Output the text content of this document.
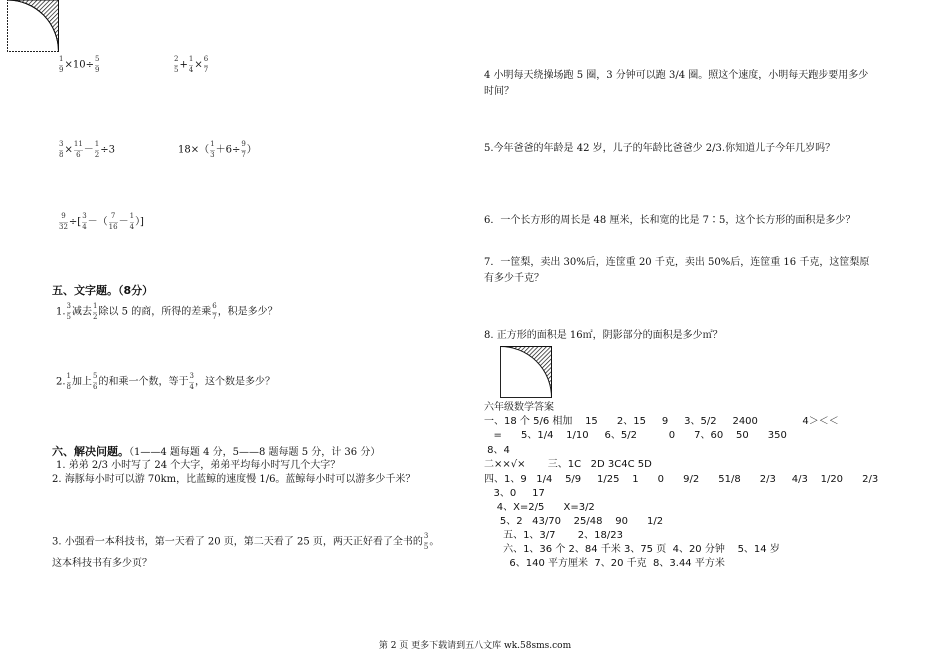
$\frac{1}{9} \times 10\div \frac{5}{9}$	$\frac{2}{5} + \frac{1}{4} \times \frac{6}{7}$
$\frac{3}{8} \times \frac{11}{6} - \frac{1}{2} \div 3$	$18\times( \frac{1}{3} +6\div \frac{9}{7}$ ）
$\frac{9}{32}$ ÷[ $\frac{3}{4}$ －（ $\frac{7}{16} - \frac{1}{4}$ ）]
五、文字题。（8分）
1. $\frac{3}{5}$ 减去 $\frac{1}{2}$ 除以 5 的商，所得的差乘 $\frac{6}{7}$ ，积是多少？
2. $\frac{1}{8}$ 加上 $\frac{5}{6}$ 的和乘一个数，等于 $\frac{3}{4}$ ，这个数是多少？
六、解决问题。（1——4 题每题 4 分，5——8 题每题 5 分，计 36 分）
1. 弟弟 2/3 小时写了 24 个大字，弟弟平均每小时写几个大字？
2. 海豚每小时可以游 70km，比蓝鲸的速度慢 1/6。蓝鲸每小时可以游多少千米？
3. 小强看一本科技书，第一天看了 20 页，第二天看了 25 页，两天正好看了全书的 $\frac{3}{5}$ 。
这本科技书有多少页？
4 小明每天绕操场跑 5 圈，3 分钟可以跑 3/4 圈。照这个速度，小明每天跑步要用多少
时间？
5.今年爸爸的年龄是 42 岁，儿子的年龄比爸爸少 2/3.你知道儿子今年几岁吗？
6．一个长方形的周长是 48 厘米，长和宽的比是 7∶5，这个长方形的面积是多少？
7．一筐梨，卖出 30%后，连筐重 20 千克，卖出 50%后，连筐重 16 千克，这筐梨原
有多少千克？
8. 正方形的面积是 16㎡，阴影部分的面积是多少㎡？
六年级数学答案
一、18 个 5/6 相加    15      2、15     9     3、5/2     2400              4＞＜＜
=      5、1/4    1/10     6、5/2          0      7、60    50      350
8、4
二××√×       三、1C   2D 3C4C 5D
四、1、9   1/4    5/9     1/25    1      0      9/2      51/8      2/3     4/3    1/20      2/3
3、0     17
4、X=2/5      X=3/2
5、2   43/70    25/48    90      1/2
五、1、3/7       2、18/23
六、1、36 个 2、84 千米 3、75 页  4、20 分钟    5、14 岁
6、140 平方厘米  7、20 千克  8、3.44 平方米
第 2 页 更多下载请到五八文库 wk.58sms.com
